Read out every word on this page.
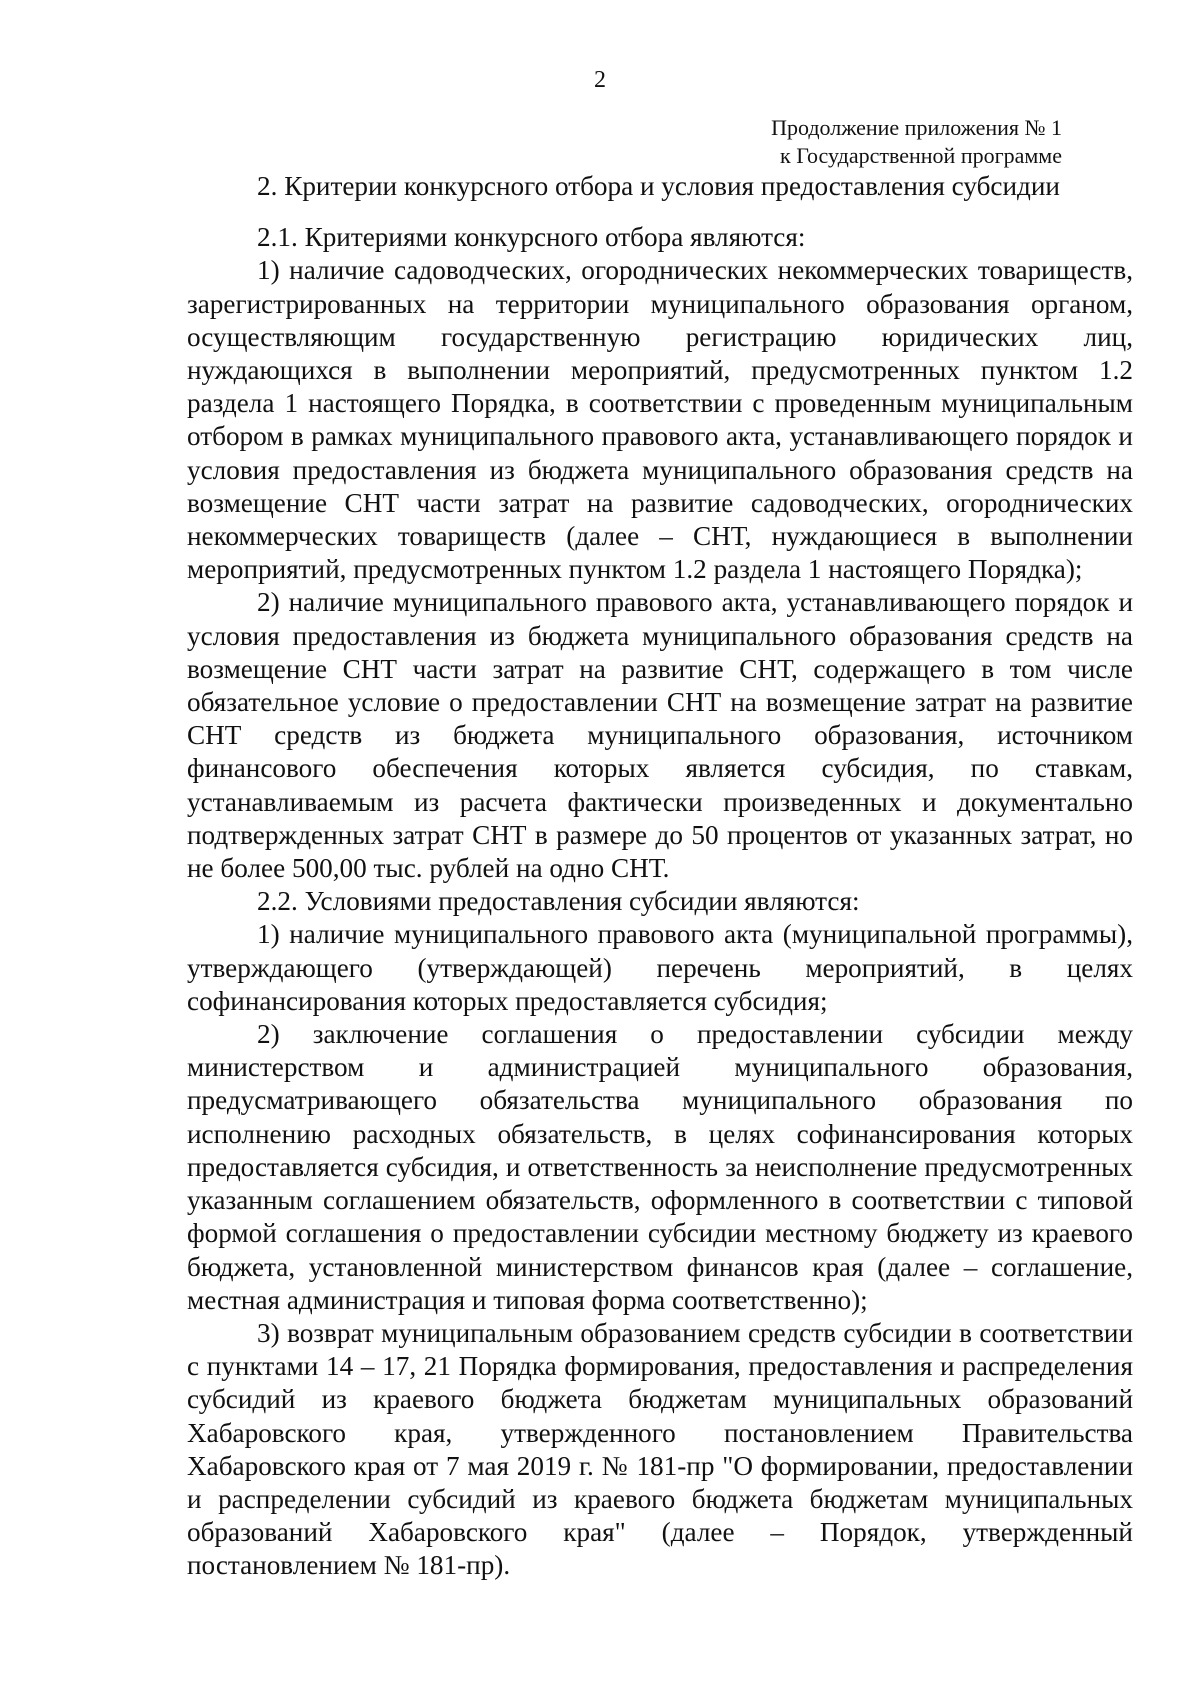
2
Продолжение приложения № 1
к Государственной программе

2. Критерии конкурсного отбора и условия предоставления субсидии

2.1. Критериями конкурсного отбора являются:

1) наличие садоводческих, огороднических некоммерческих товариществ, зарегистрированных на территории муниципального образования органом, осуществляющим государственную регистрацию юридических лиц, нуждающихся в выполнении мероприятий, предусмотренных пунктом 1.2 раздела 1 настоящего Порядка, в соответствии с проведенным муниципальным отбором в рамках муниципального правового акта, устанавливающего порядок и условия предоставления из бюджета муниципального образования средств на возмещение СНТ части затрат на развитие садоводческих, огороднических некоммерческих товариществ (далее – СНТ, нуждающиеся в выполнении мероприятий, предусмотренных пунктом 1.2 раздела 1 настоящего Порядка);

2) наличие муниципального правового акта, устанавливающего порядок и условия предоставления из бюджета муниципального образования средств на возмещение СНТ части затрат на развитие СНТ, содержащего в том числе обязательное условие о предоставлении СНТ на возмещение затрат на развитие СНТ средств из бюджета муниципального образования, источником финансового обеспечения которых является субсидия, по ставкам, устанавливаемым из расчета фактически произведенных и документально подтвержденных затрат СНТ в размере до 50 процентов от указанных затрат, но не более 500,00 тыс. рублей на одно СНТ.

2.2. Условиями предоставления субсидии являются:

1) наличие муниципального правового акта (муниципальной программы), утверждающего (утверждающей) перечень мероприятий, в целях софинансирования которых предоставляется субсидия;

2) заключение соглашения о предоставлении субсидии между министерством и администрацией муниципального образования, предусматривающего обязательства муниципального образования по исполнению расходных обязательств, в целях софинансирования которых предоставляется субсидия, и ответственность за неисполнение предусмотренных указанным соглашением обязательств, оформленного в соответствии с типовой формой соглашения о предоставлении субсидии местному бюджету из краевого бюджета, установленной министерством финансов края (далее – соглашение, местная администрация и типовая форма соответственно);

3) возврат муниципальным образованием средств субсидии в соответствии с пунктами 14 – 17, 21 Порядка формирования, предоставления и распределения субсидий из краевого бюджета бюджетам муниципальных образований Хабаровского края, утвержденного постановлением Правительства Хабаровского края от 7 мая 2019 г. № 181-пр "О формировании, предоставлении и распределении субсидий из краевого бюджета бюджетам муниципальных образований Хабаровского края" (далее – Порядок, утвержденный постановлением № 181-пр).
